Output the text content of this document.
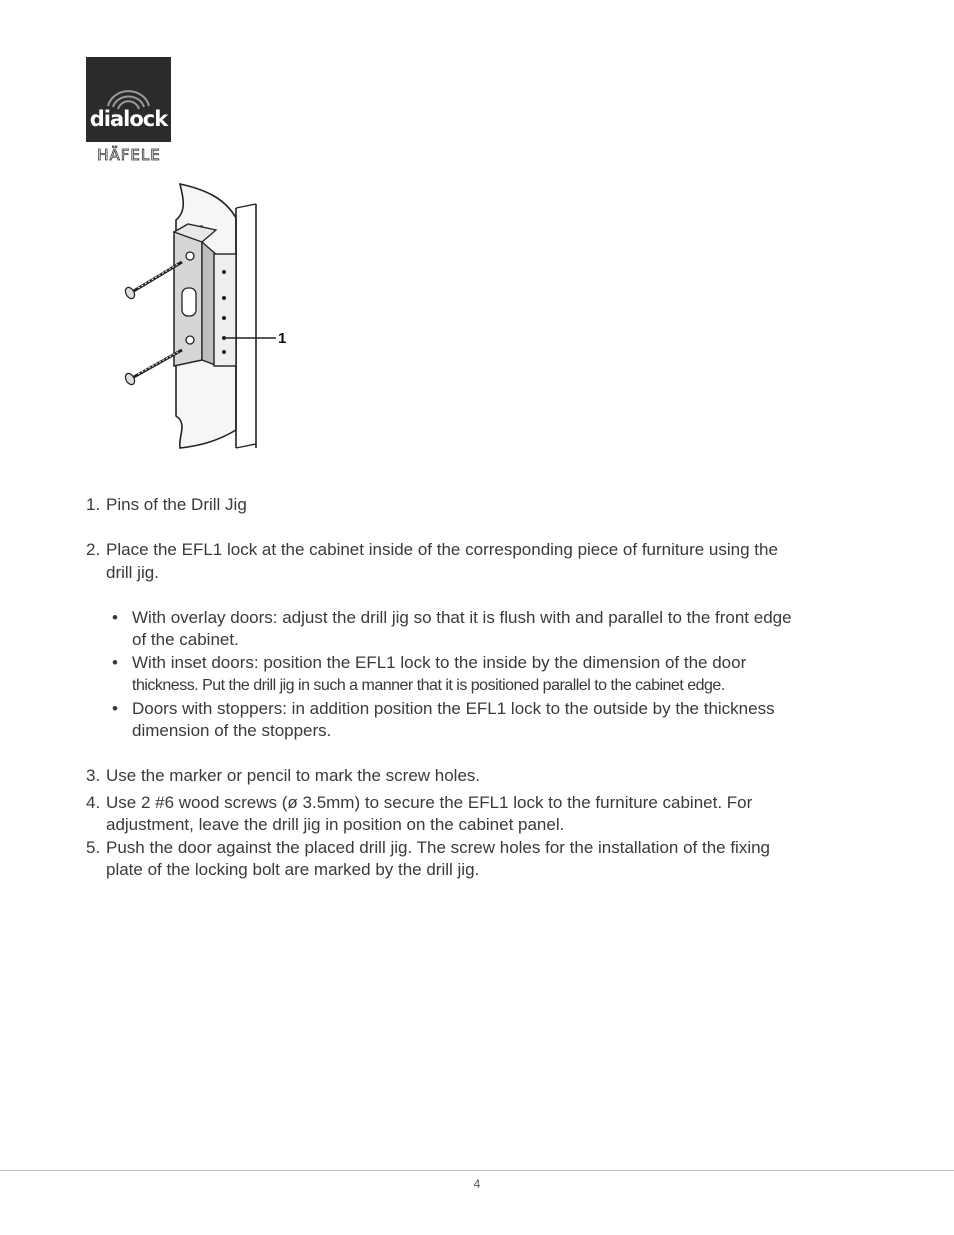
dialock
HÄFELE
1
1. Pins of the Drill Jig
2. Place the EFL1 lock at the cabinet inside of the corresponding piece of furniture using the drill jig.
• With overlay doors: adjust the drill jig so that it is flush with and parallel to the front edge of the cabinet.
• With inset doors: position the EFL1 lock to the inside by the dimension of the door
thickness. Put the drill jig in such a manner that it is positioned parallel to the cabinet edge.
• Doors with stoppers: in addition position the EFL1 lock to the outside by the thickness dimension of the stoppers.
3. Use the marker or pencil to mark the screw holes.
4. Use 2 #6 wood screws (ø 3.5mm) to secure the EFL1 lock to the furniture cabinet. For adjustment, leave the drill jig in position on the cabinet panel.
5. Push the door against the placed drill jig. The screw holes for the installation of the fixing plate of the locking bolt are marked by the drill jig.
4
